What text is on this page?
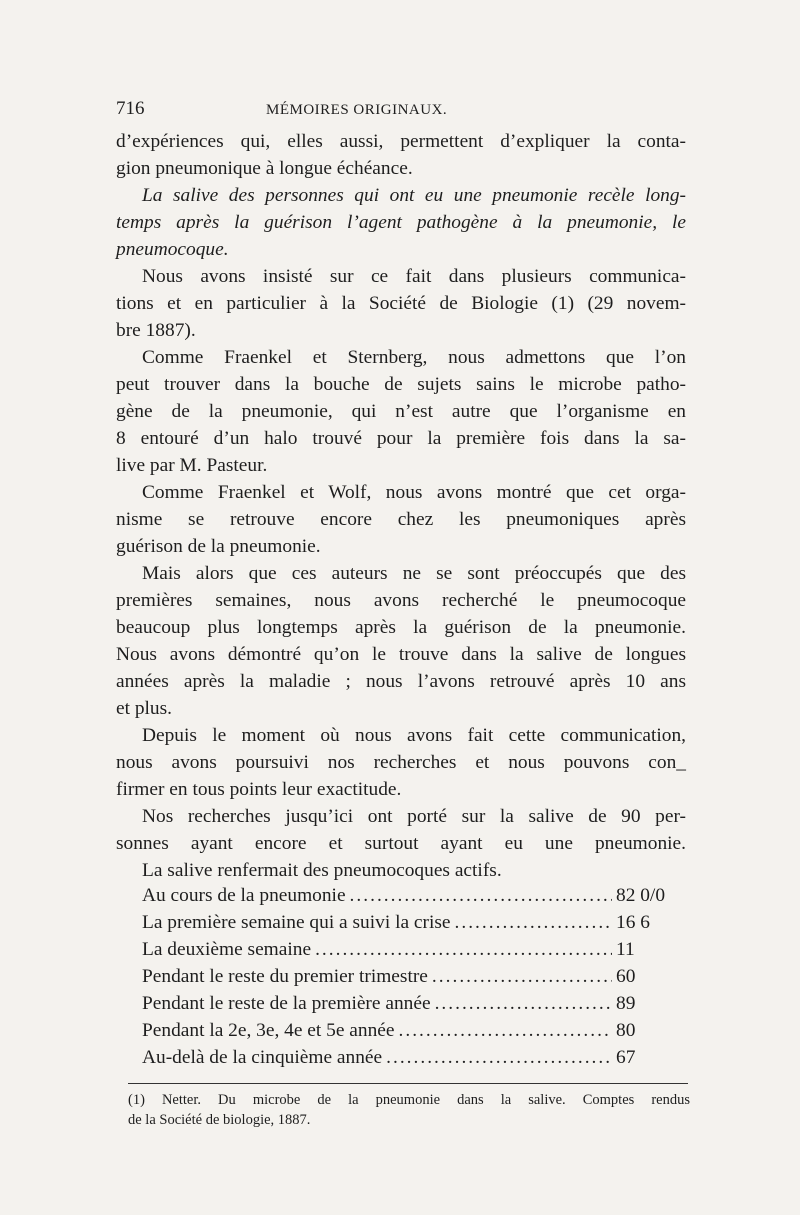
716	MÉMOIRES ORIGINAUX.
d’expériences qui, elles aussi, permettent d’expliquer la conta-
gion pneumonique à longue échéance.
La salive des personnes qui ont eu une pneumonie recèle long-
temps après la guérison l’agent pathogène à la pneumonie, le
pneumocoque.
Nous avons insisté sur ce fait dans plusieurs communica-
tions et en particulier à la Société de Biologie (1) (29 novem-
bre 1887).
Comme Fraenkel et Sternberg, nous admettons que l’on
peut trouver dans la bouche de sujets sains le microbe patho-
gène de la pneumonie, qui n’est autre que l’organisme en
8 entouré d’un halo trouvé pour la première fois dans la sa-
live par M. Pasteur.
Comme Fraenkel et Wolf, nous avons montré que cet orga-
nisme se retrouve encore chez les pneumoniques après
guérison de la pneumonie.
Mais alors que ces auteurs ne se sont préoccupés que des
premières semaines, nous avons recherché le pneumocoque
beaucoup plus longtemps après la guérison de la pneumonie.
Nous avons démontré qu’on le trouve dans la salive de longues
années après la maladie ; nous l’avons retrouvé après 10 ans
et plus.
Depuis le moment où nous avons fait cette communication,
nous avons poursuivi nos recherches et nous pouvons con_
firmer en tous points leur exactitude.
Nos recherches jusqu’ici ont porté sur la salive de 90 per-
sonnes ayant encore et surtout ayant eu une pneumonie.
La salive renfermait des pneumocoques actifs.
Au cours de la pneumonie .....	82 0/0
La première semaine qui a suivi la crise .....	16 6
La deuxième semaine .....	11
Pendant le reste du premier trimestre .....	60
Pendant le reste de la première année .....	89
Pendant la 2e, 3e, 4e et 5e année .....	80
Au-delà de la cinquième année .....	67
(1) Netter. Du microbe de la pneumonie dans la salive. Comptes rendus
de la Société de biologie, 1887.
